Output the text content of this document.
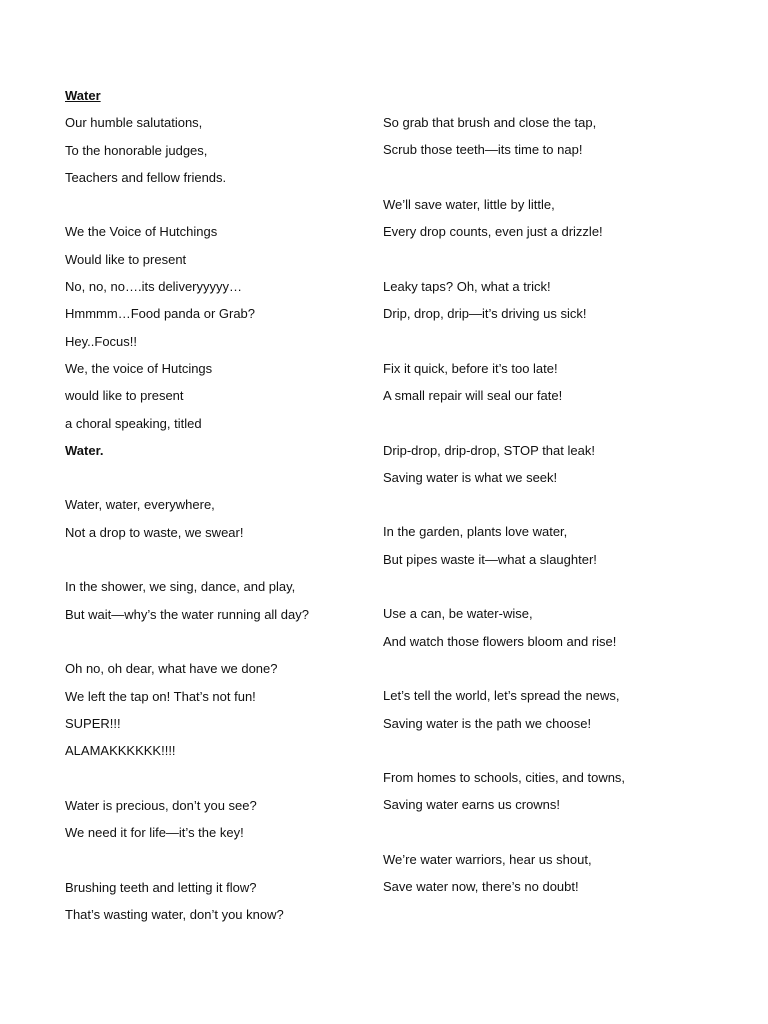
Water
Our humble salutations,
To the honorable judges,
Teachers and fellow friends.
We the Voice of Hutchings
Would like to present
No, no, no….its deliveryyyyy…
Hmmmm…Food panda or Grab?
Hey..Focus!!
We, the voice of Hutcings
would like to present
a choral speaking, titled
Water.
Water, water, everywhere,
Not a drop to waste, we swear!
In the shower, we sing, dance, and play,
But wait—why’s the water running all day?
Oh no, oh dear, what have we done?
We left the tap on! That’s not fun!
SUPER!!!
ALAMAKKKKKK!!!!
Water is precious, don’t you see?
We need it for life—it’s the key!
Brushing teeth and letting it flow?
That’s wasting water, don’t you know?
So grab that brush and close the tap,
Scrub those teeth—its time to nap!
We’ll save water, little by little,
Every drop counts, even just a drizzle!
Leaky taps? Oh, what a trick!
Drip, drop, drip—it’s driving us sick!
Fix it quick, before it’s too late!
A small repair will seal our fate!
Drip-drop, drip-drop, STOP that leak!
Saving water is what we seek!
In the garden, plants love water,
But pipes waste it—what a slaughter!
Use a can, be water-wise,
And watch those flowers bloom and rise!
Let’s tell the world, let’s spread the news,
Saving water is the path we choose!
From homes to schools, cities, and towns,
Saving water earns us crowns!
We’re water warriors, hear us shout,
Save water now, there’s no doubt!
